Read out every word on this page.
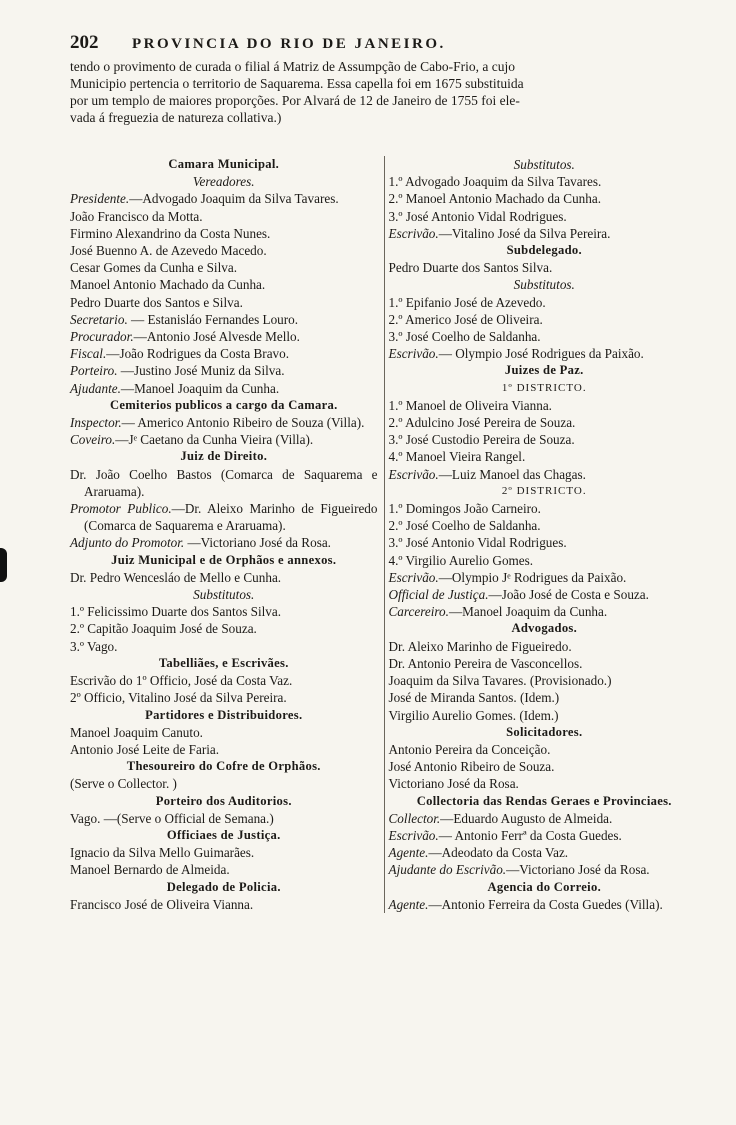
202	PROVINCIA DO RIO DE JANEIRO.

tendo o provimento de curada o filial á Matriz de Assumpção de Cabo-Frio, a cujo

Municipio pertencia o territorio de Saquarema. Essa capella foi em 1675 substituida

por um templo de maiores proporções. Por Alvará de 12 de Janeiro de 1755 foi ele-

vada á freguezia de natureza collativa.)

Camara Municipal.
Vereadores.
Presidente.—Advogado Joaquim da Silva Tavares.
João Francisco da Motta.
Firmino Alexandrino da Costa Nunes.
José Buenno A. de Azevedo Macedo.
Cesar Gomes da Cunha e Silva.
Manoel Antonio Machado da Cunha.
Pedro Duarte dos Santos e Silva.
Secretario. — Estanisláo Fernandes Louro.
Procurador.—Antonio José Alvesde Mello.
Fiscal.—João Rodrigues da Costa Bravo.
Porteiro. —Justino José Muniz da Silva.
Ajudante.—Manoel Joaquim da Cunha.
Cemiterios publicos a cargo da Camara.
Inspector.— Americo Antonio Ribeiro de Souza (Villa).
Coveiro.—Jᵉ Caetano da Cunha Vieira (Villa).
Juiz de Direito.
Dr. João Coelho Bastos (Comarca de Saquarema e Araruama).
Promotor Publico.—Dr. Aleixo Marinho de Figueiredo (Comarca de Saquarema e Araruama).
Adjunto do Promotor. —Victoriano José da Rosa.
Juiz Municipal e de Orphãos e annexos.
Dr. Pedro Wencesláo de Mello e Cunha.
Substitutos.
1.º Felicissimo Duarte dos Santos Silva.
2.º Capitão Joaquim José de Souza.
3.º Vago.
Tabelliães, e Escrivães.
Escrivão do 1º Officio, José da Costa Vaz.
2º Officio, Vitalino José da Silva Pereira.
Partidores e Distribuidores.
Manoel Joaquim Canuto.
Antonio José Leite de Faria.
Thesoureiro do Cofre de Orphãos.
(Serve o Collector. )
Porteiro dos Auditorios.
Vago. —(Serve o Official de Semana.)
Officiaes de Justiça.
Ignacio da Silva Mello Guimarães.
Manoel Bernardo de Almeida.
Delegado de Policia.
Francisco José de Oliveira Vianna.
Substitutos.
1.º Advogado Joaquim da Silva Tavares.
2.º Manoel Antonio Machado da Cunha.
3.º José Antonio Vidal Rodrigues.
Escrivão.—Vitalino José da Silva Pereira.
Subdelegado.
Pedro Duarte dos Santos Silva.
Substitutos.
1.º Epifanio José de Azevedo.
2.º Americo José de Oliveira.
3.º José Coelho de Saldanha.
Escrivão.— Olympio José Rodrigues da Paixão.
Juizes de Paz.
1º DISTRICTO.
1.º Manoel de Oliveira Vianna.
2.º Adulcino José Pereira de Souza.
3.º José Custodio Pereira de Souza.
4.º Manoel Vieira Rangel.
Escrivão.—Luiz Manoel das Chagas.
2º DISTRICTO.
1.º Domingos João Carneiro.
2.º José Coelho de Saldanha.
3.º José Antonio Vidal Rodrigues.
4.º Virgilio Aurelio Gomes.
Escrivão.—Olympio Jᵉ Rodrigues da Paixão.
Official de Justiça.—João José de Costa e Souza.
Carcereiro.—Manoel Joaquim da Cunha.
Advogados.
Dr. Aleixo Marinho de Figueiredo.
Dr. Antonio Pereira de Vasconcellos.
Joaquim da Silva Tavares. (Provisionado.)
José de Miranda Santos. (Idem.)
Virgilio Aurelio Gomes. (Idem.)
Solicitadores.
Antonio Pereira da Conceição.
José Antonio Ribeiro de Souza.
Victoriano José da Rosa.
Collectoria das Rendas Geraes e Provinciaes.
Collector.—Eduardo Augusto de Almeida.
Escrivão.— Antonio Ferrª da Costa Guedes.
Agente.—Adeodato da Costa Vaz.
Ajudante do Escrivão.—Victoriano José da Rosa.
Agencia do Correio.
Agente.—Antonio Ferreira da Costa Guedes (Villa).
